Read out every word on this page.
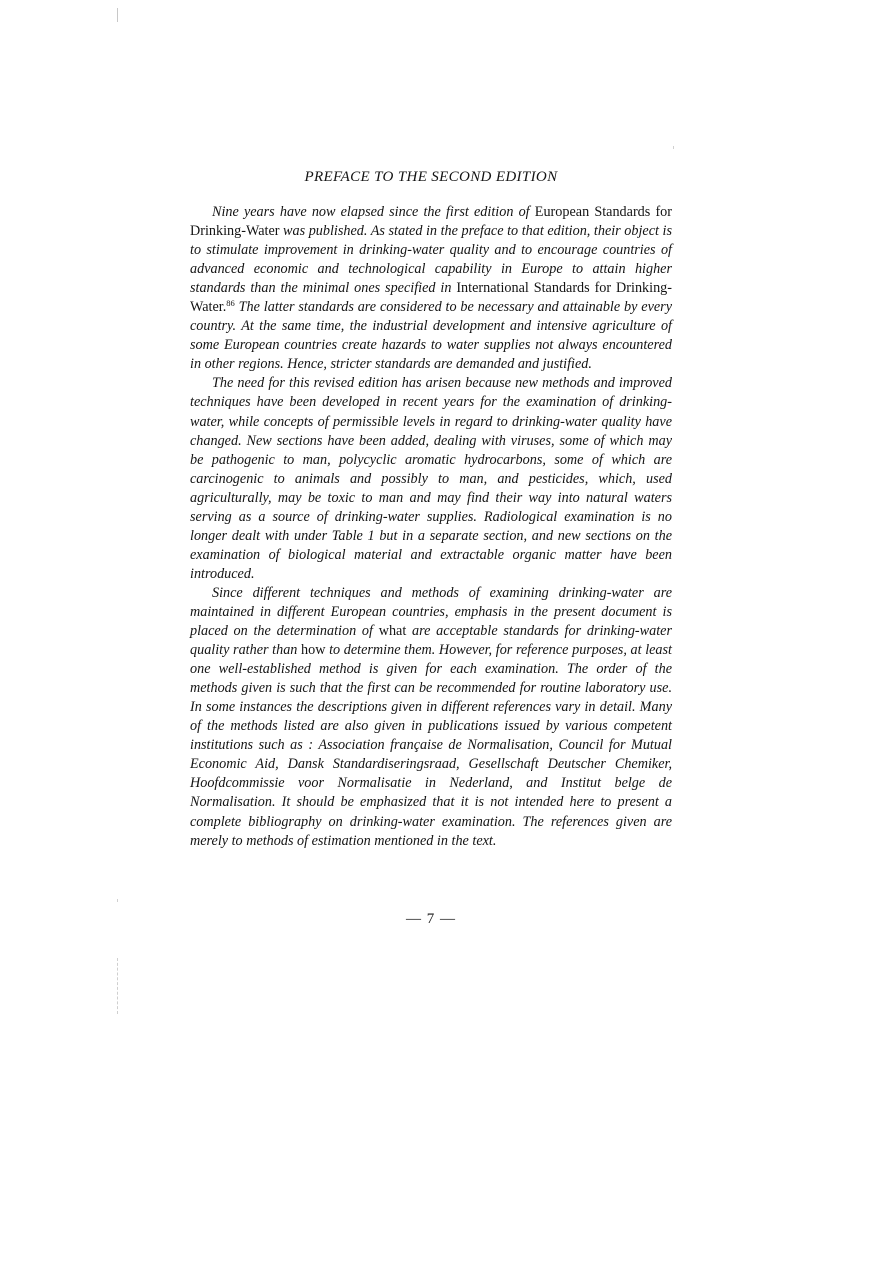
PREFACE TO THE SECOND EDITION

Nine years have now elapsed since the first edition of European Standards for Drinking-Water was published. As stated in the preface to that edition, their object is to stimulate improvement in drinking-water quality and to encourage countries of advanced economic and technological capability in Europe to attain higher standards than the minimal ones specified in International Standards for Drinking-Water.$^{86}$ The latter standards are considered to be necessary and attainable by every country. At the same time, the industrial development and intensive agriculture of some European countries create hazards to water supplies not always encountered in other regions. Hence, stricter standards are demanded and justified.

The need for this revised edition has arisen because new methods and improved techniques have been developed in recent years for the examination of drinking-water, while concepts of permissible levels in regard to drinking-water quality have changed. New sections have been added, dealing with viruses, some of which may be pathogenic to man, polycyclic aromatic hydrocarbons, some of which are carcinogenic to animals and possibly to man, and pesticides, which, used agriculturally, may be toxic to man and may find their way into natural waters serving as a source of drinking-water supplies. Radiological examination is no longer dealt with under Table 1 but in a separate section, and new sections on the examination of biological material and extractable organic matter have been introduced.

Since different techniques and methods of examining drinking-water are maintained in different European countries, emphasis in the present document is placed on the determination of what are acceptable standards for drinking-water quality rather than how to determine them. However, for reference purposes, at least one well-established method is given for each examination. The order of the methods given is such that the first can be recommended for routine laboratory use. In some instances the descriptions given in different references vary in detail. Many of the methods listed are also given in publications issued by various competent institutions such as : Association française de Normalisation, Council for Mutual Economic Aid, Dansk Standardiseringsraad, Gesellschaft Deutscher Chemiker, Hoofdcommissie voor Normalisatie in Nederland, and Institut belge de Normalisation. It should be emphasized that it is not intended here to present a complete bibliography on drinking-water examination. The references given are merely to methods of estimation mentioned in the text.

— 7 —
